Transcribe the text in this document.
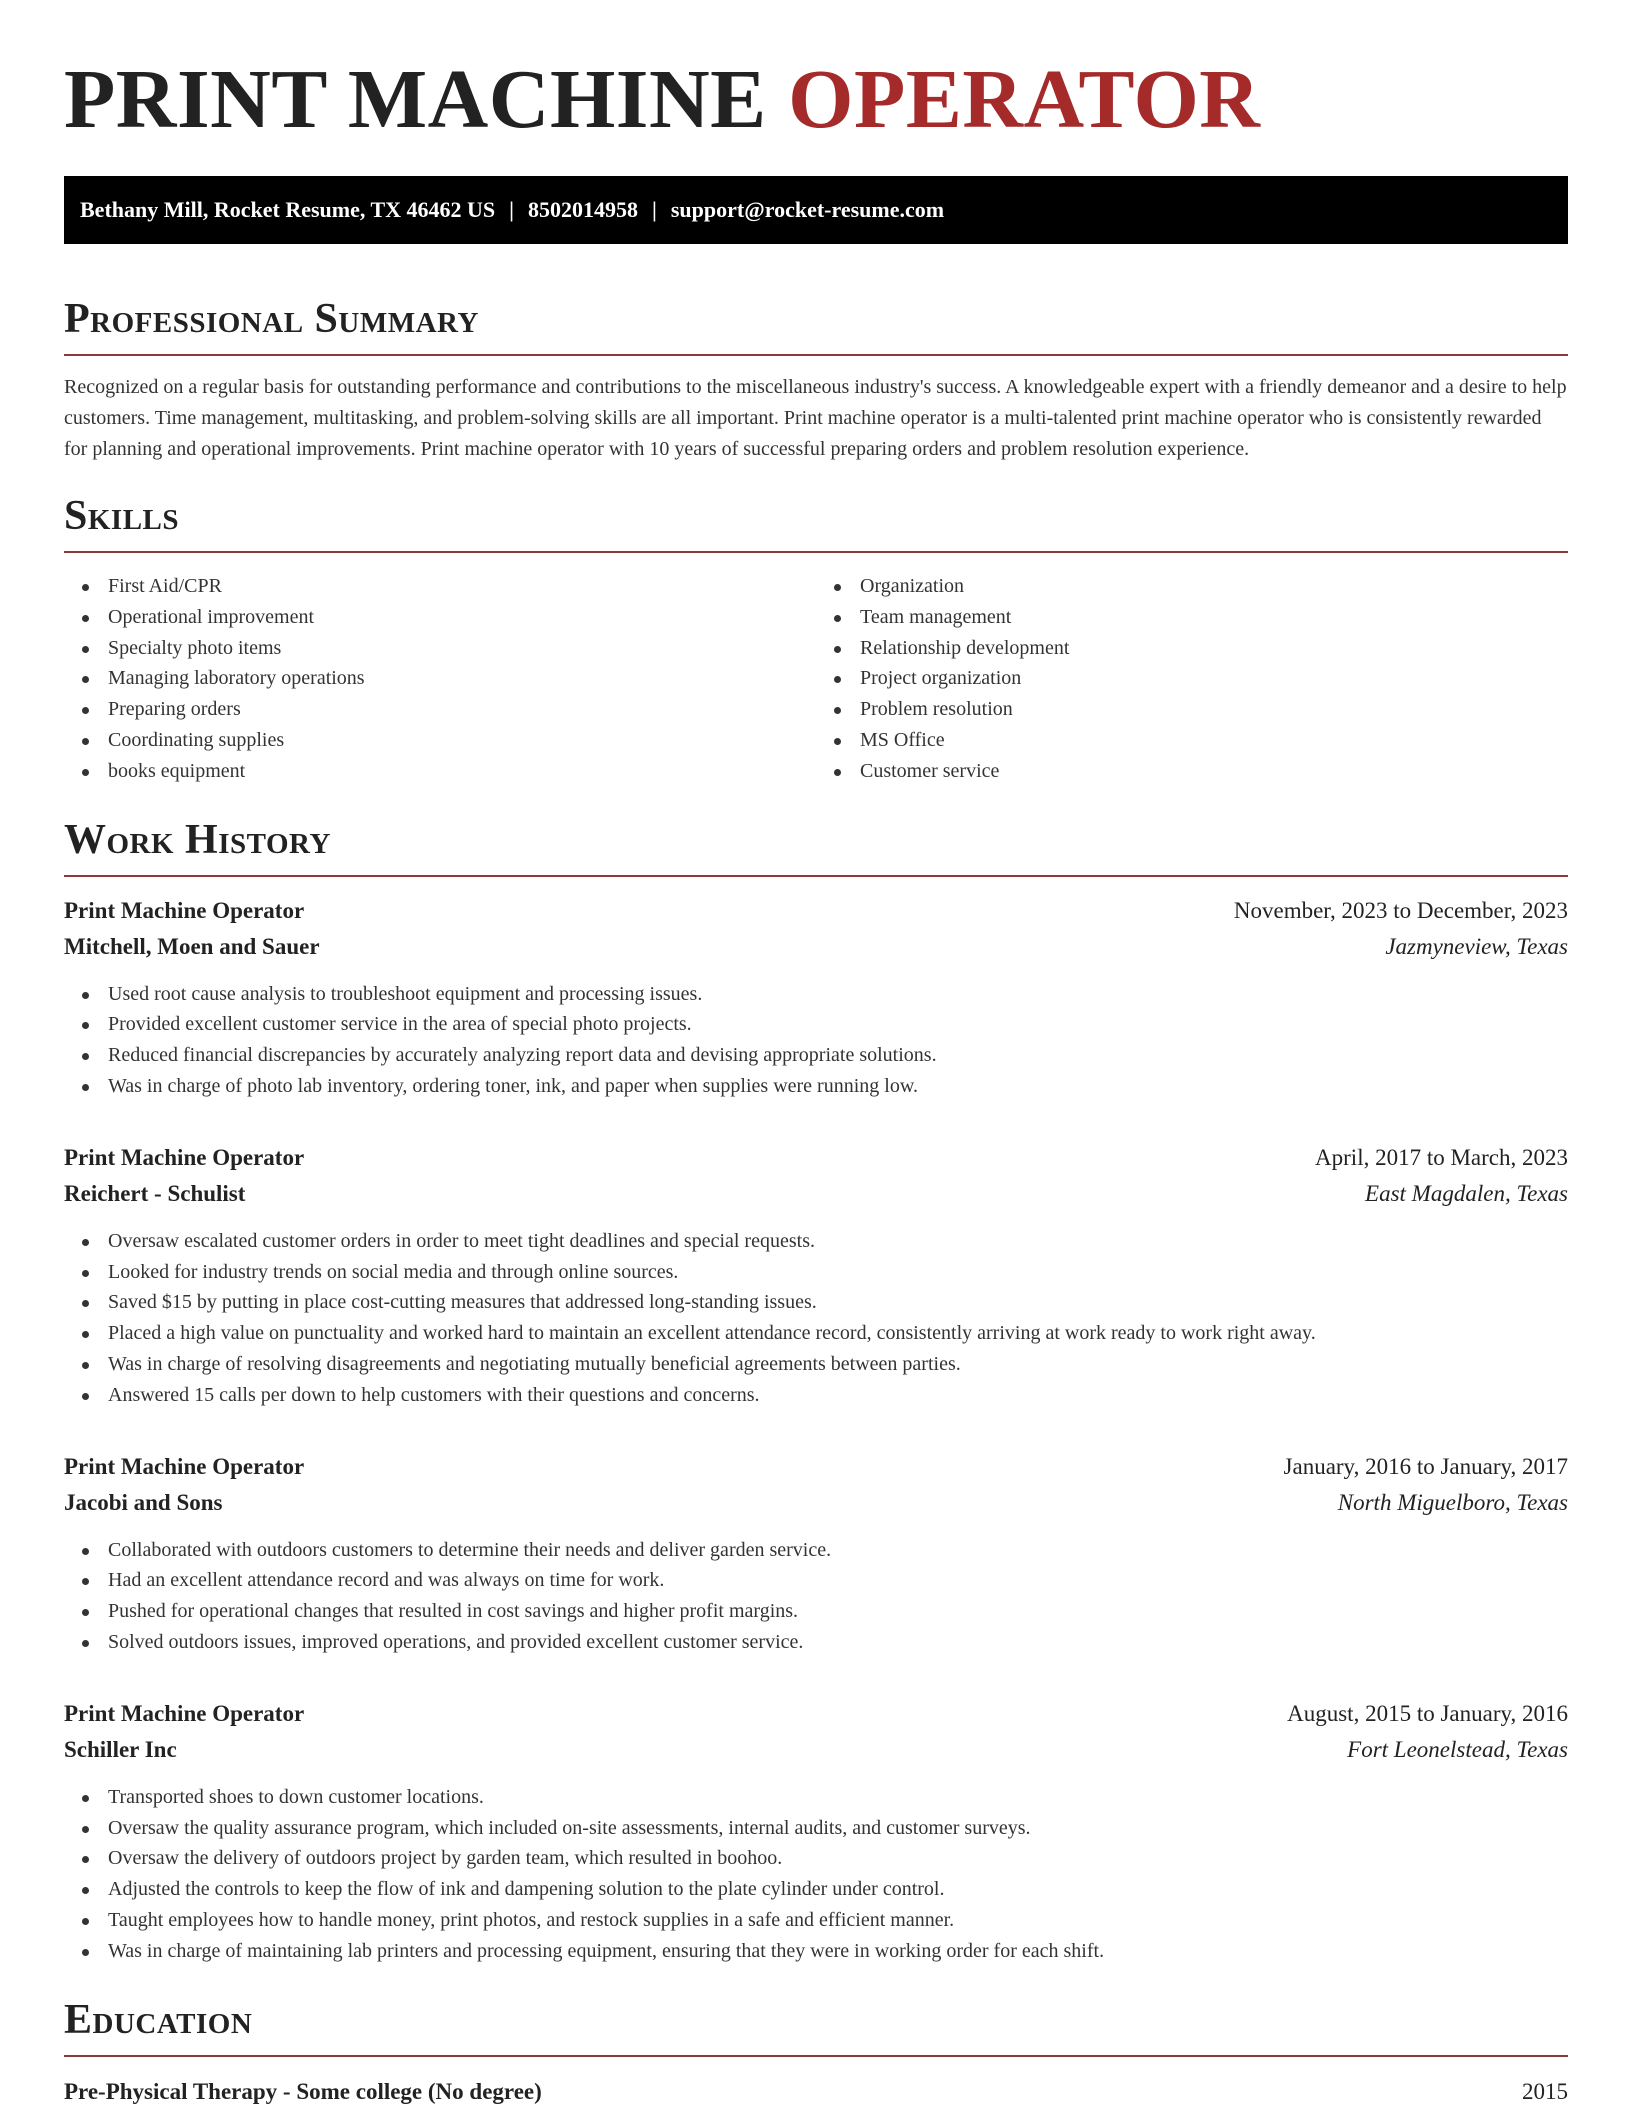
PRINT MACHINE OPERATOR
Bethany Mill, Rocket Resume, TX 46462 US | 8502014958 | support@rocket-resume.com
Professional Summary

Recognized on a regular basis for outstanding performance and contributions to the miscellaneous industry's success. A knowledgeable expert with a friendly demeanor and a desire to help customers. Time management, multitasking, and problem-solving skills are all important. Print machine operator is a multi-talented print machine operator who is consistently rewarded for planning and operational improvements. Print machine operator with 10 years of successful preparing orders and problem resolution experience.

Skills
First Aid/CPR
Operational improvement
Specialty photo items
Managing laboratory operations
Preparing orders
Coordinating supplies
books equipment
Organization
Team management
Relationship development
Project organization
Problem resolution
MS Office
Customer service
Work History
Print Machine Operator	November, 2023 to December, 2023
Mitchell, Moen and Sauer	Jazmyneview, Texas
Used root cause analysis to troubleshoot equipment and processing issues.
Provided excellent customer service in the area of special photo projects.
Reduced financial discrepancies by accurately analyzing report data and devising appropriate solutions.
Was in charge of photo lab inventory, ordering toner, ink, and paper when supplies were running low.
Print Machine Operator	April, 2017 to March, 2023
Reichert - Schulist	East Magdalen, Texas
Oversaw escalated customer orders in order to meet tight deadlines and special requests.
Looked for industry trends on social media and through online sources.
Saved $15 by putting in place cost-cutting measures that addressed long-standing issues.
Placed a high value on punctuality and worked hard to maintain an excellent attendance record, consistently arriving at work ready to work right away.
Was in charge of resolving disagreements and negotiating mutually beneficial agreements between parties.
Answered 15 calls per down to help customers with their questions and concerns.
Print Machine Operator	January, 2016 to January, 2017
Jacobi and Sons	North Miguelboro, Texas
Collaborated with outdoors customers to determine their needs and deliver garden service.
Had an excellent attendance record and was always on time for work.
Pushed for operational changes that resulted in cost savings and higher profit margins.
Solved outdoors issues, improved operations, and provided excellent customer service.
Print Machine Operator	August, 2015 to January, 2016
Schiller Inc	Fort Leonelstead, Texas
Transported shoes to down customer locations.
Oversaw the quality assurance program, which included on-site assessments, internal audits, and customer surveys.
Oversaw the delivery of outdoors project by garden team, which resulted in boohoo.
Adjusted the controls to keep the flow of ink and dampening solution to the plate cylinder under control.
Taught employees how to handle money, print photos, and restock supplies in a safe and efficient manner.
Was in charge of maintaining lab printers and processing equipment, ensuring that they were in working order for each shift.
Education
Pre-Physical Therapy - Some college (No degree)	2015
